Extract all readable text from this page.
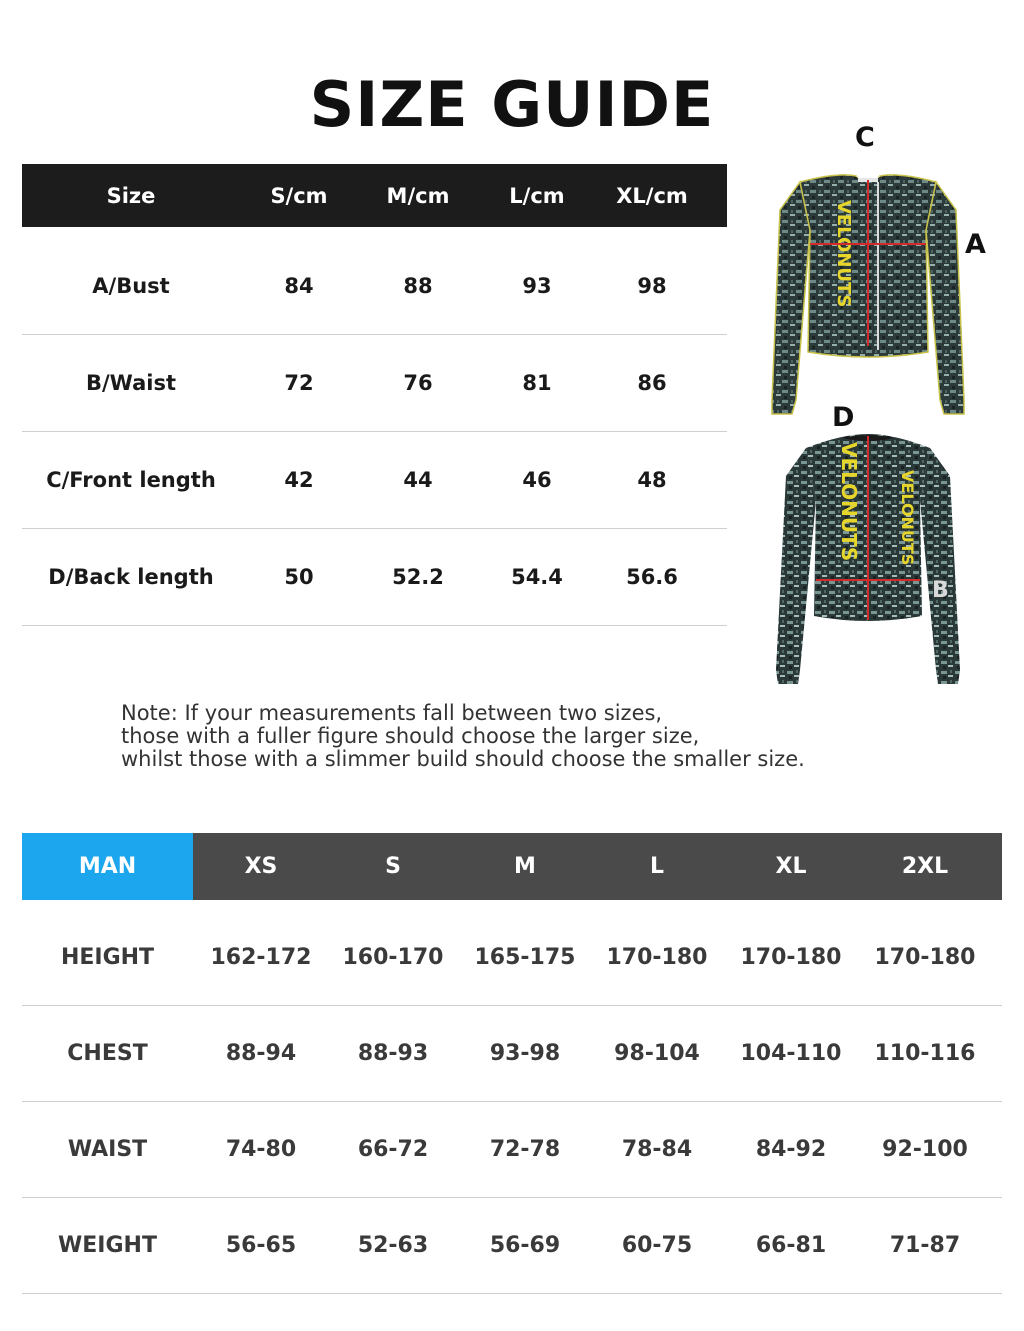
SIZE GUIDE
Size	S/cm	M/cm	L/cm	XL/cm
A/Bust	84	88	93	98
B/Waist	72	76	81	86
C/Front length	42	44	46	48
D/Back length	50	52.2	54.4	56.6
C
A
VELONUTS
D
VELONUTS VELONUTS
B
Note: If your measurements fall between two sizes,
those with a fuller figure should choose the larger size,
whilst those with a slimmer build should choose the smaller size.
MAN	XS	S	M	L	XL	2XL
HEIGHT	162-172	160-170	165-175	170-180	170-180	170-180
CHEST	88-94	88-93	93-98	98-104	104-110	110-116
WAIST	74-80	66-72	72-78	78-84	84-92	92-100
WEIGHT	56-65	52-63	56-69	60-75	66-81	71-87
